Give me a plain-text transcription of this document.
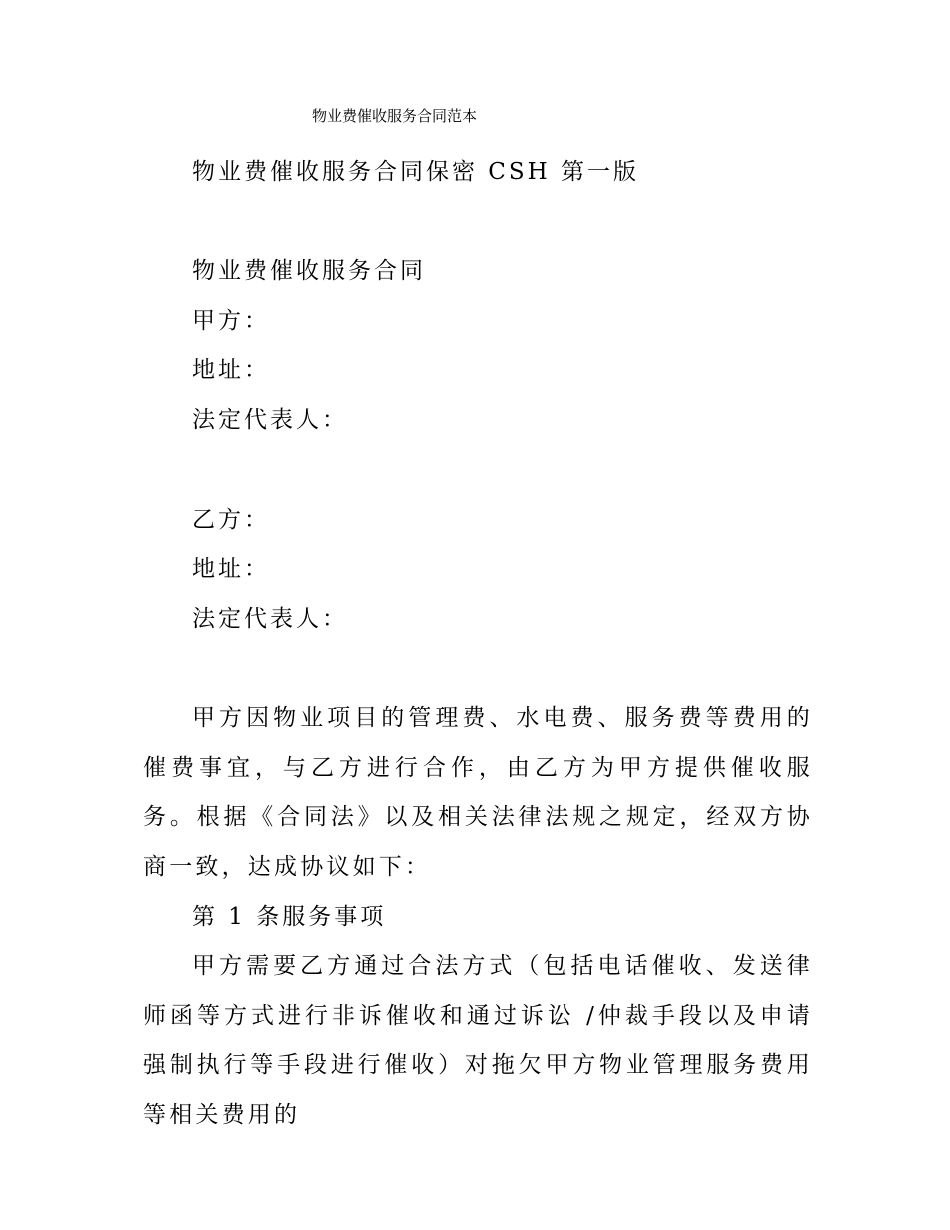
物业费催收服务合同范本
物业费催收服务合同保密 CSH 第一版
物业费催收服务合同
甲方：
地址：
法定代表人：
乙方：
地址：
法定代表人：
甲方因物业项目的管理费、水电费、服务费等费用的催费事宜，与乙方进行合作，由乙方为甲方提供催收服务。根据《合同法》以及相关法律法规之规定，经双方协商一致，达成协议如下：
第 1 条服务事项
甲方需要乙方通过合法方式（包括电话催收、发送律师函等方式进行非诉催收和通过诉讼 /仲裁手段以及申请强制执行等手段进行催收）对拖欠甲方物业管理服务费用等相关费用的
